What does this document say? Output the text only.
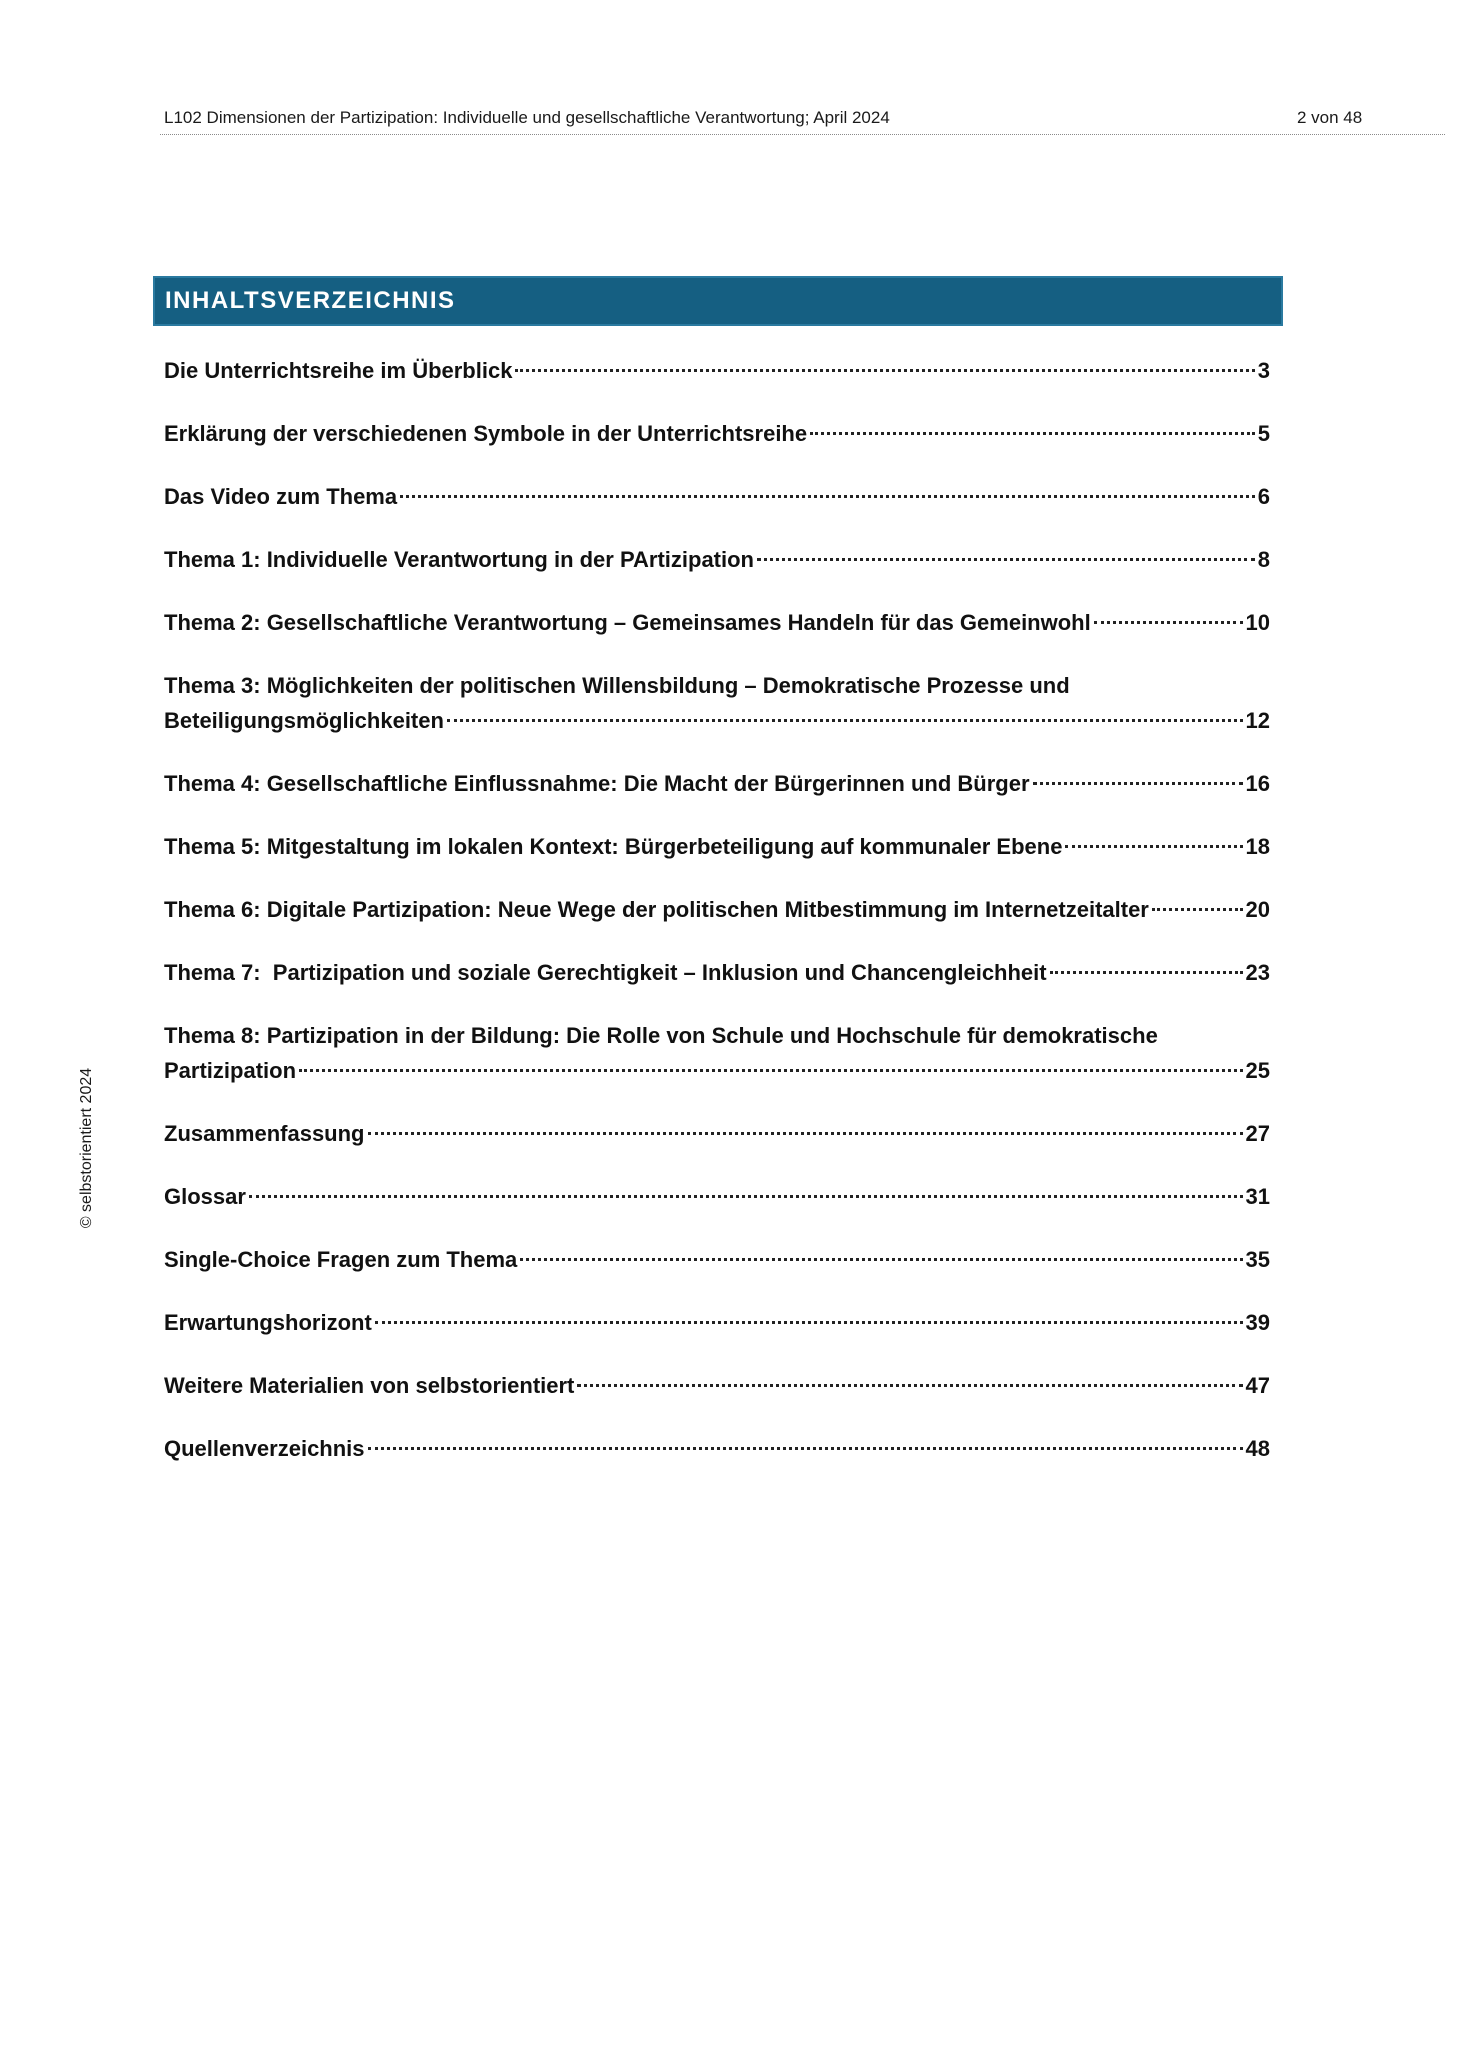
L102 Dimensionen der Partizipation: Individuelle und gesellschaftliche Verantwortung; April 2024	2 von 48
© selbstorientiert 2024
INHALTSVERZEICHNIS
Die Unterrichtsreihe im Überblick	3
Erklärung der verschiedenen Symbole in der Unterrichtsreihe	5
Das Video zum Thema	6
Thema 1: Individuelle Verantwortung in der PArtizipation	8
Thema 2: Gesellschaftliche Verantwortung – Gemeinsames Handeln für das Gemeinwohl	10
Thema 3: Möglichkeiten der politischen Willensbildung – Demokratische Prozesse und
Beteiligungsmöglichkeiten	12
Thema 4: Gesellschaftliche Einflussnahme: Die Macht der Bürgerinnen und Bürger	16
Thema 5: Mitgestaltung im lokalen Kontext: Bürgerbeteiligung auf kommunaler Ebene	18
Thema 6: Digitale Partizipation: Neue Wege der politischen Mitbestimmung im Internetzeitalter	20
Thema 7:  Partizipation und soziale Gerechtigkeit – Inklusion und Chancengleichheit	23
Thema 8: Partizipation in der Bildung: Die Rolle von Schule und Hochschule für demokratische
Partizipation	25
Zusammenfassung	27
Glossar	31
Single-Choice Fragen zum Thema	35
Erwartungshorizont	39
Weitere Materialien von selbstorientiert	47
Quellenverzeichnis	48
